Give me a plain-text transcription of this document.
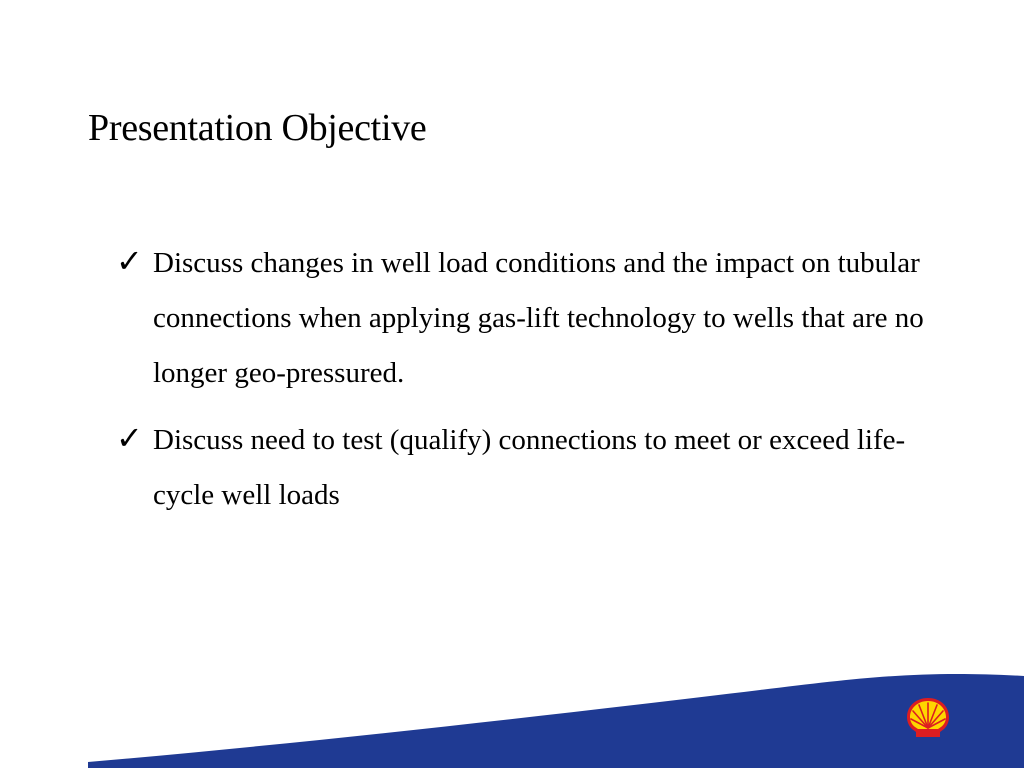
Presentation Objective
✓ Discuss changes in well load conditions and the impact on tubular connections when applying gas-lift technology to wells that are no longer geo-pressured.
✓ Discuss need to test (qualify) connections to meet or exceed life-cycle well loads
